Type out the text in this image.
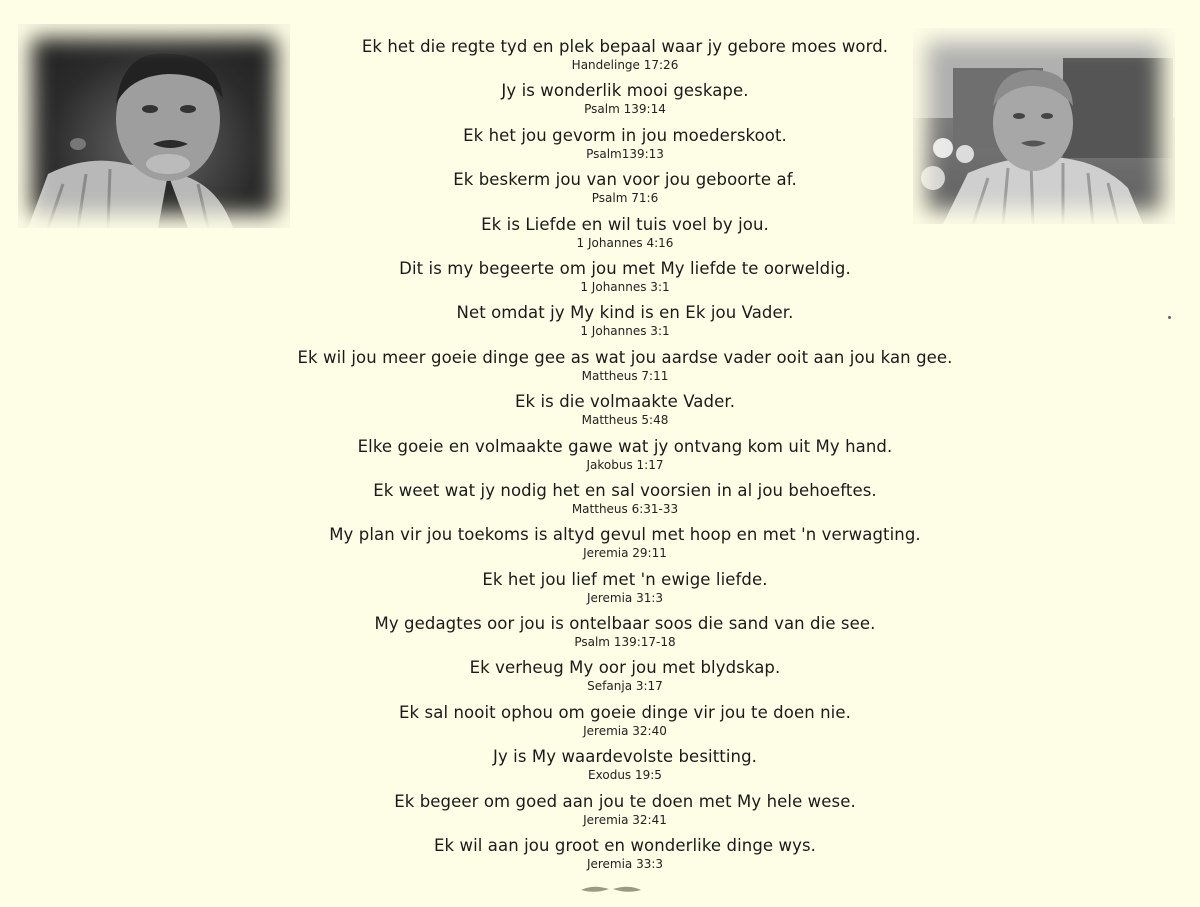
Ek het die regte tyd en plek bepaal waar jy gebore moes word.
Handelinge 17:26
Jy is wonderlik mooi geskape.
Psalm 139:14
Ek het jou gevorm in jou moederskoot.
Psalm139:13
Ek beskerm jou van voor jou geboorte af.
Psalm 71:6
Ek is Liefde en wil tuis voel by jou.
1 Johannes 4:16
Dit is my begeerte om jou met My liefde te oorweldig.
1 Johannes 3:1
Net omdat jy My kind is en Ek jou Vader.
1 Johannes 3:1
Ek wil jou meer goeie dinge gee as wat jou aardse vader ooit aan jou kan gee.
Mattheus 7:11
Ek is die volmaakte Vader.
Mattheus 5:48
Elke goeie en volmaakte gawe wat jy ontvang kom uit My hand.
Jakobus 1:17
Ek weet wat jy nodig het en sal voorsien in al jou behoeftes.
Mattheus 6:31-33
My plan vir jou toekoms is altyd gevul met hoop en met 'n verwagting.
Jeremia 29:11
Ek het jou lief met 'n ewige liefde.
Jeremia 31:3
My gedagtes oor jou is ontelbaar soos die sand van die see.
Psalm 139:17-18
Ek verheug My oor jou met blydskap.
Sefanja 3:17
Ek sal nooit ophou om goeie dinge vir jou te doen nie.
Jeremia 32:40
Jy is My waardevolste besitting.
Exodus 19:5
Ek begeer om goed aan jou te doen met My hele wese.
Jeremia 32:41
Ek wil aan jou groot en wonderlike dinge wys.
Jeremia 33:3
